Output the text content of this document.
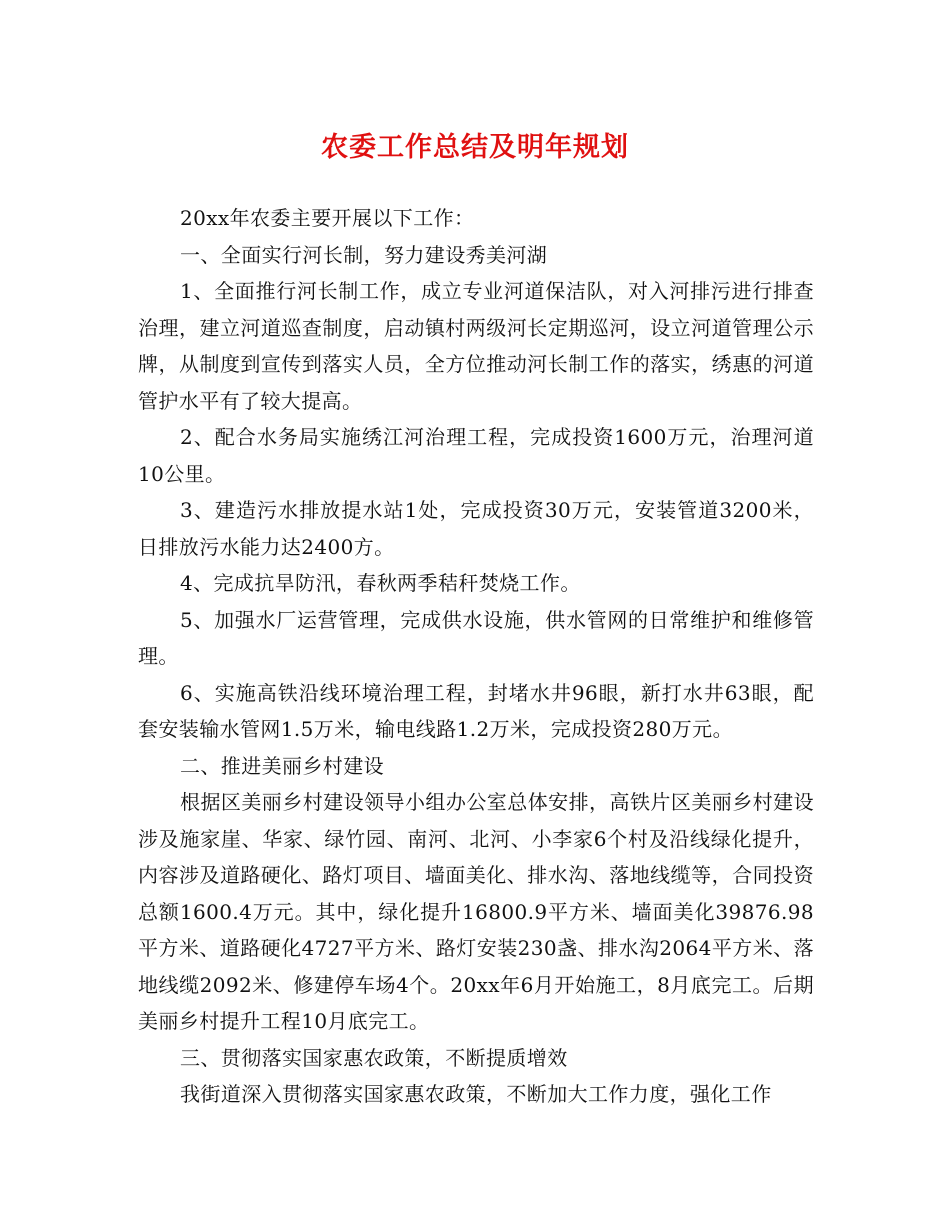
农委工作总结及明年规划

20xx年农委主要开展以下工作：

一、全面实行河长制，努力建设秀美河湖

1、全面推行河长制工作，成立专业河道保洁队，对入河排污进行排查治理，建立河道巡查制度，启动镇村两级河长定期巡河，设立河道管理公示牌，从制度到宣传到落实人员，全方位推动河长制工作的落实，绣惠的河道管护水平有了较大提高。

2、配合水务局实施绣江河治理工程，完成投资1600万元，治理河道10公里。

3、建造污水排放提水站1处，完成投资30万元，安装管道3200米，日排放污水能力达2400方。

4、完成抗旱防汛，春秋两季秸秆焚烧工作。

5、加强水厂运营管理，完成供水设施，供水管网的日常维护和维修管理。

6、实施高铁沿线环境治理工程，封堵水井96眼，新打水井63眼，配套安装输水管网1.5万米，输电线路1.2万米，完成投资280万元。

二、推进美丽乡村建设

根据区美丽乡村建设领导小组办公室总体安排，高铁片区美丽乡村建设涉及施家崖、华家、绿竹园、南河、北河、小李家6个村及沿线绿化提升，内容涉及道路硬化、路灯项目、墙面美化、排水沟、落地线缆等，合同投资总额1600.4万元。其中，绿化提升16800.9平方米、墙面美化39876.98平方米、道路硬化4727平方米、路灯安装230盏、排水沟2064平方米、落地线缆2092米、修建停车场4个。20xx年6月开始施工，8月底完工。后期美丽乡村提升工程10月底完工。

三、贯彻落实国家惠农政策，不断提质增效

我街道深入贯彻落实国家惠农政策，不断加大工作力度，强化工作
